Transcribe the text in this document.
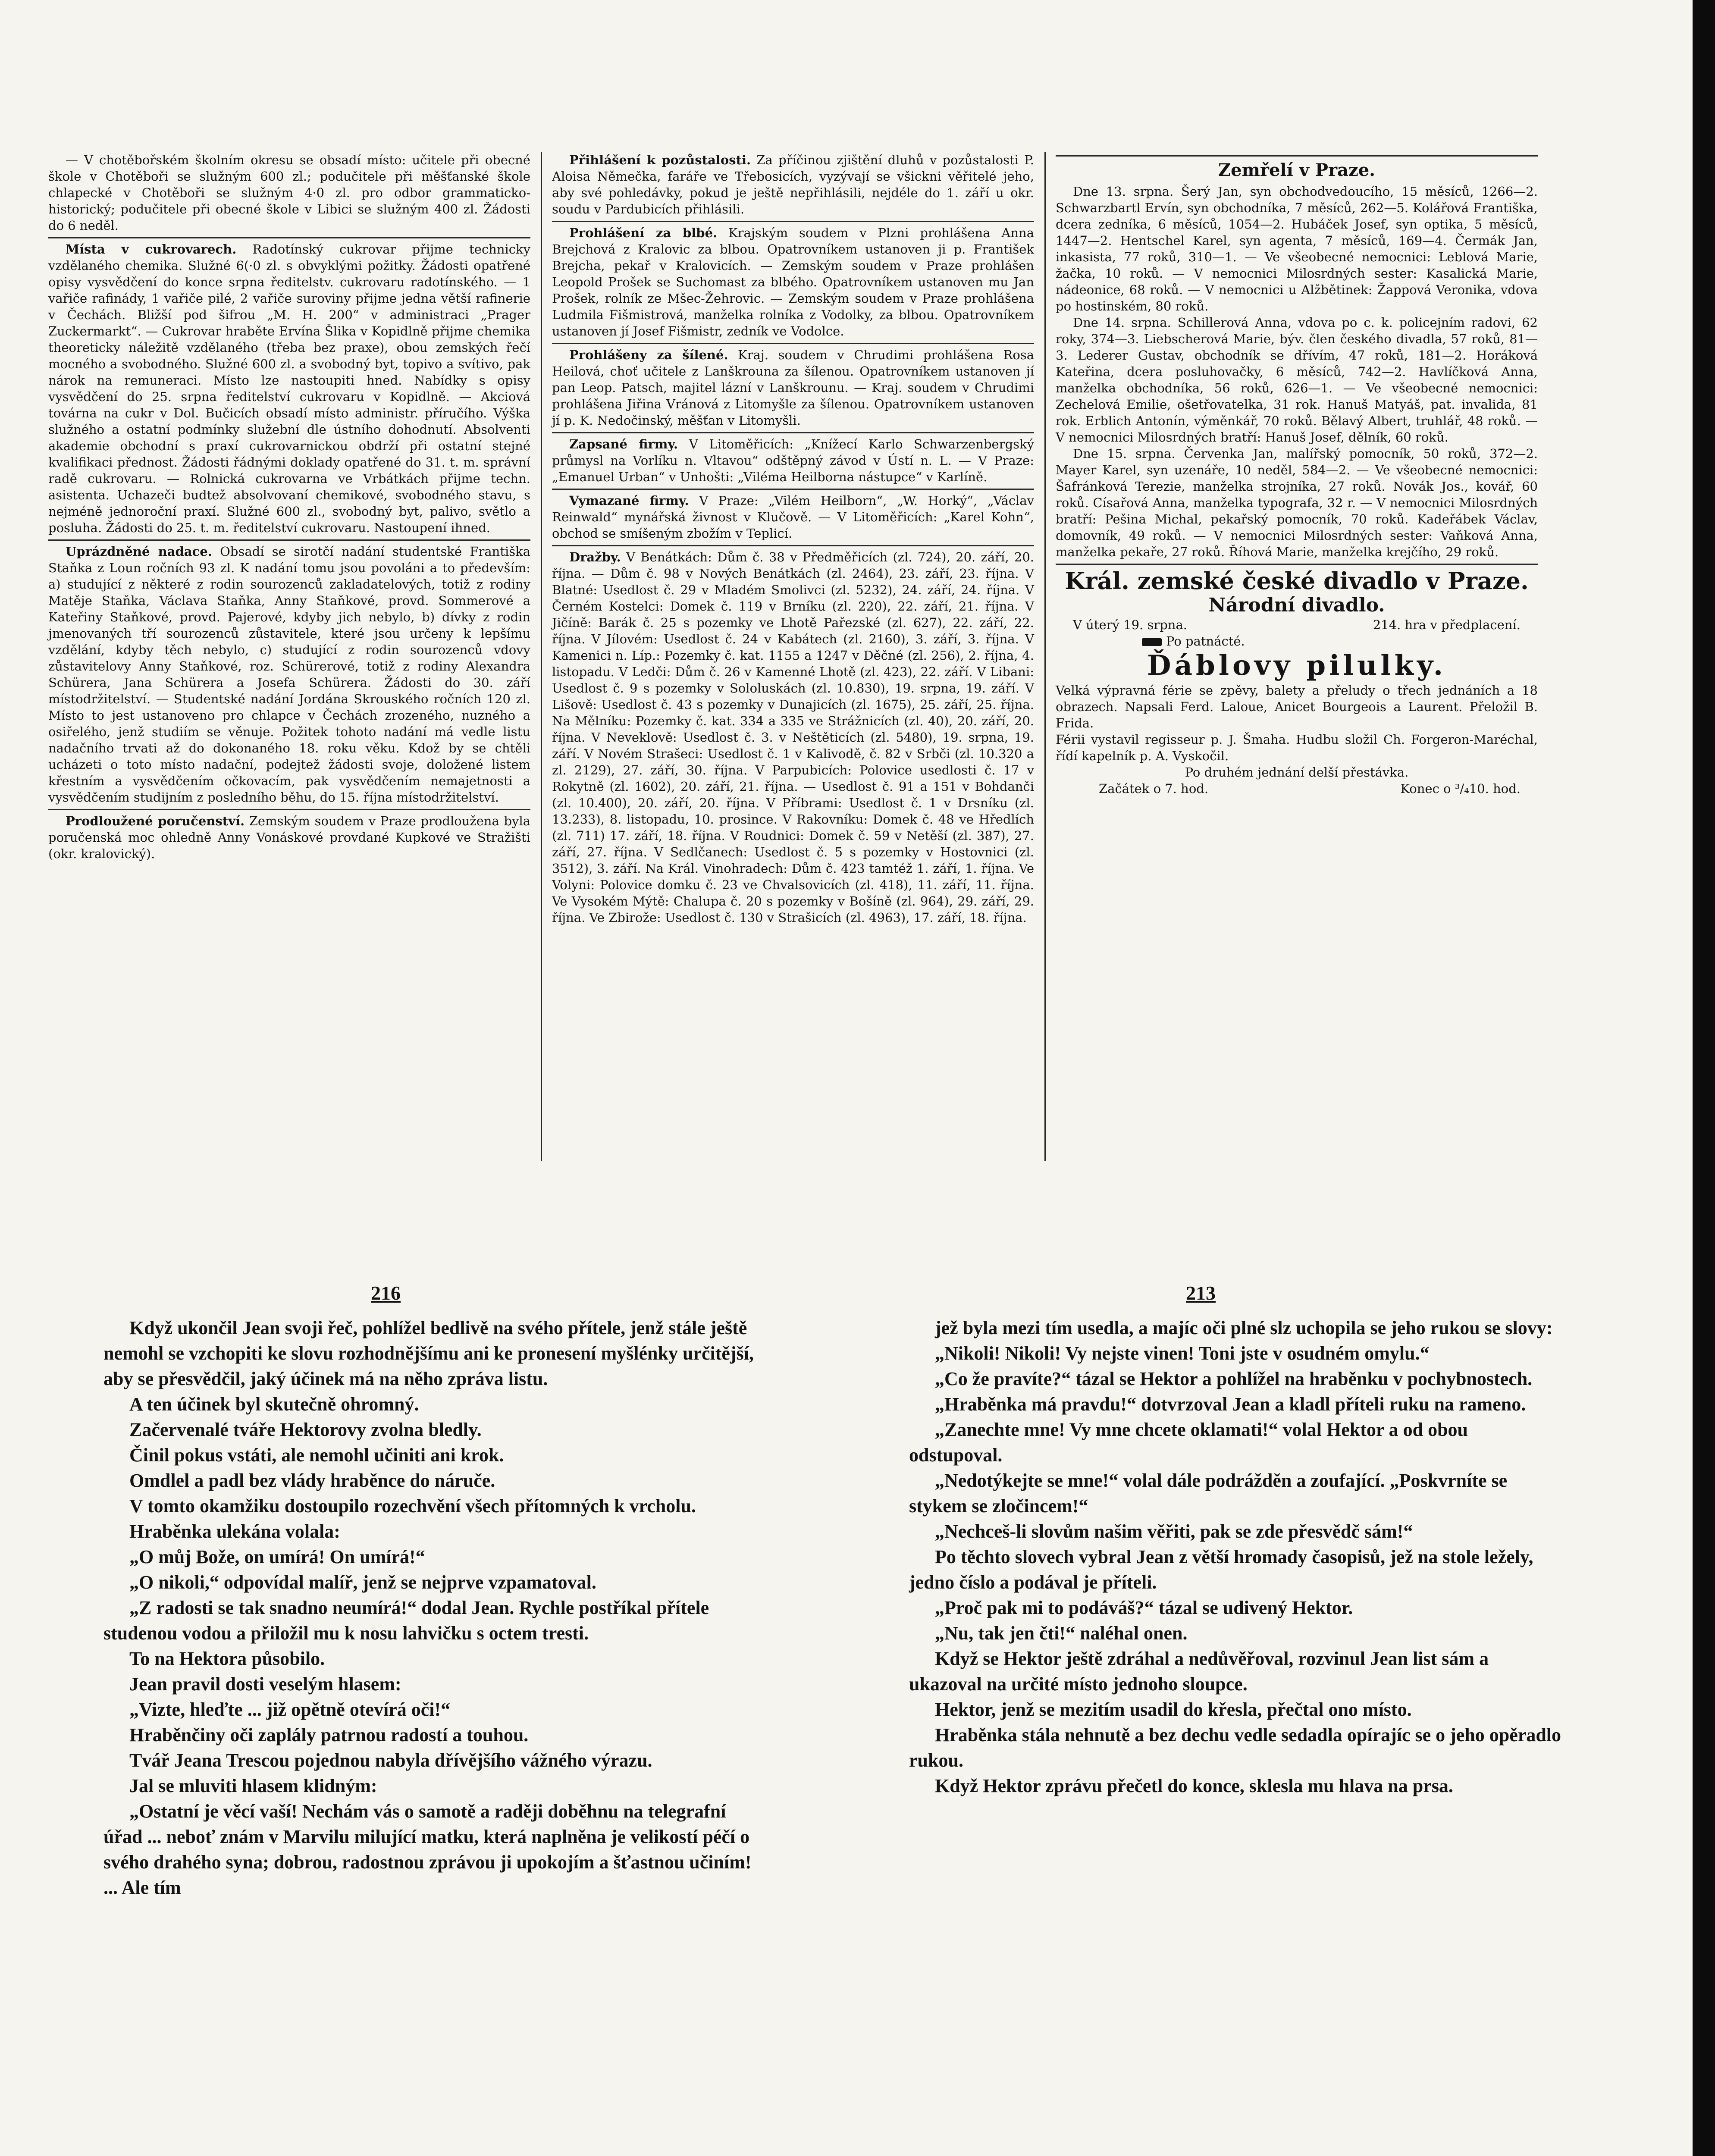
— V chotěbořském školním okresu se obsadí místo: učitele při obecné škole v Chotěboři se služným 600 zl.; podučitele při měšťanské škole chlapecké v Chotěboři se služným 4·0 zl. pro odbor grammaticko-historický; podučitele při obecné škole v Libici se služným 400 zl. Žádosti do 6 neděl.

Místa v cukrovarech. Radotínský cukrovar přijme technicky vzdělaného chemika. Služné 6(·0 zl. s obvyklými požitky. Žádosti opatřené opisy vysvědčení do konce srpna ředitelstv. cukrovaru radotínského. — 1 vařiče rafinády, 1 vařiče pilé, 2 vařiče suroviny přijme jedna větší rafinerie v Čechách. Bližší pod šifrou „M. H. 200“ v administraci „Prager Zuckermarkt“. — Cukrovar hraběte Ervína Šlika v Kopidlně přijme chemika theoreticky náležitě vzdělaného (třeba bez praxe), obou zemských řečí mocného a svobodného. Služné 600 zl. a svobodný byt, topivo a svítivo, pak nárok na remuneraci. Místo lze nastoupiti hned. Nabídky s opisy vysvědčení do 25. srpna ředitelství cukrovaru v Kopidlně. — Akciová továrna na cukr v Dol. Bučicích obsadí místo administr. příručího. Výška služného a ostatní podmínky služební dle ústního dohodnutí. Absolventi akademie obchodní s praxí cukrovarnickou obdrží při ostatní stejné kvalifikaci přednost. Žádosti řádnými doklady opatřené do 31. t. m. správní radě cukrovaru. — Rolnická cukrovarna ve Vrbátkách přijme techn. asistenta. Uchazeči budtež absolvovaní chemikové, svobodného stavu, s nejméně jednoroční praxí. Služné 600 zl., svobodný byt, palivo, světlo a posluha. Žádosti do 25. t. m. ředitelství cukrovaru. Nastoupení ihned.

Uprázdněné nadace. Obsadí se sirotčí nadání studentské Františka Staňka z Loun ročních 93 zl. K nadání tomu jsou povoláni a to především: a) studující z některé z rodin sourozenců zakladatelových, totiž z rodiny Matěje Staňka, Václava Staňka, Anny Staňkové, provd. Sommerové a Kateřiny Staňkové, provd. Pajerové, kdyby jich nebylo, b) dívky z rodin jmenovaných tří sourozenců zůstavitele, které jsou určeny k lepšímu vzdělání, kdyby těch nebylo, c) studující z rodin sourozenců vdovy zůstavitelovy Anny Staňkové, roz. Schürerové, totiž z rodiny Alexandra Schürera, Jana Schürera a Josefa Schürera. Žádosti do 30. září místodržitelství. — Studentské nadání Jordána Skrouského ročních 120 zl. Místo to jest ustanoveno pro chlapce v Čechách zrozeného, nuzného a osiřelého, jenž studiím se věnuje. Požitek tohoto nadání má vedle listu nadačního trvati až do dokonaného 18. roku věku. Kdož by se chtěli ucházeti o toto místo nadační, podejtež žádosti svoje, doložené listem křestním a vysvědčením očkovacím, pak vysvědčením nemajetnosti a vysvědčením studijním z posledního běhu, do 15. října místodržitelství.

Prodloužené poručenství. Zemským soudem v Praze prodloužena byla poručenská moc ohledně Anny Vonáskové provdané Kupkové ve Stražišti (okr. kralovický).

Přihlášení k pozůstalosti. Za příčinou zjištění dluhů v pozůstalosti P. Aloisa Němečka, faráře ve Třebosicích, vyzývají se všickni věřitelé jeho, aby své pohledávky, pokud je ještě nepřihlásili, nejdéle do 1. září u okr. soudu v Pardubicích přihlásili.

Prohlášení za blbé. Krajským soudem v Plzni prohlášena Anna Brejchová z Kralovic za blbou. Opatrovníkem ustanoven ji p. František Brejcha, pekař v Kralovicích. — Zemským soudem v Praze prohlášen Leopold Prošek se Suchomast za blbého. Opatrovníkem ustanoven mu Jan Prošek, rolník ze Mšec-Žehrovic. — Zemským soudem v Praze prohlášena Ludmila Fišmistrová, manželka rolníka z Vodolky, za blbou. Opatrovníkem ustanoven jí Josef Fišmistr, zedník ve Vodolce.

Prohlášeny za šílené. Kraj. soudem v Chrudimi prohlášena Rosa Heilová, choť učitele z Lanškrouna za šílenou. Opatrovníkem ustanoven jí pan Leop. Patsch, majitel lázní v Lanškrounu. — Kraj. soudem v Chrudimi prohlášena Jiřina Vránová z Litomyšle za šílenou. Opatrovníkem ustanoven jí p. K. Nedočinský, měšťan v Litomyšli.

Zapsané firmy. V Litoměřicích: „Knížecí Karlo Schwarzenbergský průmysl na Vorlíku n. Vltavou“ odštěpný závod v Ústí n. L. — V Praze: „Emanuel Urban“ v Unhošti: „Viléma Heilborna nástupce“ v Karlíně.

Vymazané firmy. V Praze: „Vilém Heilborn“, „W. Horký“, „Václav Reinwald“ mynářská živnost v Klučově. — V Litoměřicích: „Karel Kohn“, obchod se smíšeným zbožím v Teplicí.

Dražby. V Benátkách: Dům č. 38 v Předměřicích (zl. 724), 20. září, 20. října. — Dům č. 98 v Nových Benátkách (zl. 2464), 23. září, 23. října. V Blatné: Usedlost č. 29 v Mladém Smolivci (zl. 5232), 24. září, 24. října. V Černém Kostelci: Domek č. 119 v Brníku (zl. 220), 22. září, 21. října. V Jičíně: Barák č. 25 s pozemky ve Lhotě Pařezské (zl. 627), 22. září, 22. října. V Jílovém: Usedlost č. 24 v Kabátech (zl. 2160), 3. září, 3. října. V Kamenici n. Líp.: Pozemky č. kat. 1155 a 1247 v Děčné (zl. 256), 2. října, 4. listopadu. V Ledči: Dům č. 26 v Kamenné Lhotě (zl. 423), 22. září. V Libani: Usedlost č. 9 s pozemky v Sololuskách (zl. 10.830), 19. srpna, 19. září. V Lišově: Usedlost č. 43 s pozemky v Dunajicích (zl. 1675), 25. září, 25. října. Na Mělníku: Pozemky č. kat. 334 a 335 ve Strážnicích (zl. 40), 20. září, 20. října. V Neveklově: Usedlost č. 3. v Neštěticích (zl. 5480), 19. srpna, 19. září. V Novém Strašeci: Usedlost č. 1 v Kalivodě, č. 82 v Srbči (zl. 10.320 a zl. 2129), 27. září, 30. října. V Parpubicích: Polovice usedlosti č. 17 v Rokytně (zl. 1602), 20. září, 21. října. — Usedlost č. 91 a 151 v Bohdanči (zl. 10.400), 20. září, 20. října. V Příbrami: Usedlost č. 1 v Drsníku (zl. 13.233), 8. listopadu, 10. prosince. V Rakovníku: Domek č. 48 ve Hředlích (zl. 711) 17. září, 18. října. V Roudnici: Domek č. 59 v Netěší (zl. 387), 27. září, 27. října. V Sedlčanech: Usedlost č. 5 s pozemky v Hostovnici (zl. 3512), 3. září. Na Král. Vinohradech: Dům č. 423 tamtéž 1. září, 1. října. Ve Volyni: Polovice domku č. 23 ve Chvalsovicích (zl. 418), 11. září, 11. října. Ve Vysokém Mýtě: Chalupa č. 20 s pozemky v Bošíně (zl. 964), 29. září, 29. října. Ve Zbirože: Usedlost č. 130 v Strašicích (zl. 4963), 17. září, 18. října.

Zemřelí v Praze.

Dne 13. srpna. Šerý Jan, syn obchodvedoucího, 15 měsíců, 1266—2. Schwarzbartl Ervín, syn obchodníka, 7 měsíců, 262—5. Kolářová Františka, dcera zedníka, 6 měsíců, 1054—2. Hubáček Josef, syn optika, 5 měsíců, 1447—2. Hentschel Karel, syn agenta, 7 měsíců, 169—4. Čermák Jan, inkasista, 77 roků, 310—1. — Ve všeobecné nemocnici: Leblová Marie, žačka, 10 roků. — V nemocnici Milosrdných sester: Kasalická Marie, nádeonice, 68 roků. — V nemocnici u Alžbětinek: Žappová Veronika, vdova po hostinském, 80 roků.

Dne 14. srpna. Schillerová Anna, vdova po c. k. policejním radovi, 62 roky, 374—3. Liebscherová Marie, býv. člen českého divadla, 57 roků, 81—3. Lederer Gustav, obchodník se dřívím, 47 roků, 181—2. Horáková Kateřina, dcera posluhovačky, 6 měsíců, 742—2. Havlíčková Anna, manželka obchodníka, 56 roků, 626—1. — Ve všeobecné nemocnici: Zechelová Emilie, ošetřovatelka, 31 rok. Hanuš Matyáš, pat. invalida, 81 rok. Erblich Antonín, výměnkář, 70 roků. Bělavý Albert, truhlář, 48 roků. — V nemocnici Milosrdných bratří: Hanuš Josef, dělník, 60 roků.

Dne 15. srpna. Červenka Jan, malířský pomocník, 50 roků, 372—2. Mayer Karel, syn uzenáře, 10 neděl, 584—2. — Ve všeobecné nemocnici: Šafránková Terezie, manželka strojníka, 27 roků. Novák Jos., kovář, 60 roků. Císařová Anna, manželka typografa, 32 r. — V nemocnici Milosrdných bratří: Pešina Michal, pekařský pomocník, 70 roků. Kadeřábek Václav, domovník, 49 roků. — V nemocnici Milosrdných sester: Vaňková Anna, manželka pekaře, 27 roků. Říhová Marie, manželka krejčího, 29 roků.

Král. zemské české divadlo v Praze.
Národní divadlo.
V úterý 19. srpna.	214. hra v předplacení.
Po patnácté.
Ďáblovy pilulky.

Velká výpravná férie se zpěvy, balety a přeludy o třech jednáních a 18 obrazech. Napsali Ferd. Laloue, Anicet Bourgeois a Laurent. Přeložil B. Frida.

Férii vystavil regisseur p. J. Šmaha. Hudbu složil Ch. Forgeron-Maréchal, řídí kapelník p. A. Vyskočil.

Po druhém jednání delší přestávka.

Začátek o 7. hod.	Konec o ³/₄10. hod.
216	213

Když ukončil Jean svoji řeč, pohlížel bedlivě na svého přítele, jenž stále ještě nemohl se vzchopiti ke slovu rozhodnějšímu ani ke pronesení myšlénky určitější, aby se přesvědčil, jaký účinek má na něho zpráva listu.

A ten účinek byl skutečně ohromný.

Začervenalé tváře Hektorovy zvolna bledly.

Činil pokus vstáti, ale nemohl učiniti ani krok.

Omdlel a padl bez vlády hraběnce do náruče.

V tomto okamžiku dostoupilo rozechvění všech přítomných k vrcholu.

Hraběnka ulekána volala:

„O můj Bože, on umírá! On umírá!“

„O nikoli,“ odpovídal malíř, jenž se nejprve vzpamatoval.

„Z radosti se tak snadno neumírá!“ dodal Jean. Rychle postříkal přítele studenou vodou a přiložil mu k nosu lahvičku s octem tresti.

To na Hektora působilo.

Jean pravil dosti veselým hlasem:

„Vizte, hleďte ... již opětně otevírá oči!“

Hraběnčiny oči zaplály patrnou radostí a touhou.

Tvář Jeana Trescou pojednou nabyla dřívějšího vážného výrazu.

Jal se mluviti hlasem klidným:

„Ostatní je věcí vaší! Nechám vás o samotě a raději doběhnu na telegrafní úřad ... neboť znám v Marvilu milující matku, která naplněna je velikostí péčí o svého drahého syna; dobrou, radostnou zprávou ji upokojím a šťastnou učiním! ... Ale tím

jež byla mezi tím usedla, a majíc oči plné slz uchopila se jeho rukou se slovy:

„Nikoli! Nikoli! Vy nejste vinen! Toni jste v osudném omylu.“

„Co že pravíte?“ tázal se Hektor a pohlížel na hraběnku v pochybnostech.

„Hraběnka má pravdu!“ dotvrzoval Jean a kladl příteli ruku na rameno.

„Zanechte mne! Vy mne chcete oklamati!“ volal Hektor a od obou odstupoval.

„Nedotýkejte se mne!“ volal dále podrážděn a zoufající. „Poskvrníte se stykem se zločincem!“

„Nechceš-li slovům našim věřiti, pak se zde přesvědč sám!“

Po těchto slovech vybral Jean z větší hromady časopisů, jež na stole ležely, jedno číslo a podával je příteli.

„Proč pak mi to podáváš?“ tázal se udivený Hektor.

„Nu, tak jen čti!“ naléhal onen.

Když se Hektor ještě zdráhal a nedůvěřoval, rozvinul Jean list sám a ukazoval na určité místo jednoho sloupce.

Hektor, jenž se mezitím usadil do křesla, přečtal ono místo.

Hraběnka stála nehnutě a bez dechu vedle sedadla opírajíc se o jeho opěradlo rukou.

Když Hektor zprávu přečetl do konce, sklesla mu hlava na prsa.
